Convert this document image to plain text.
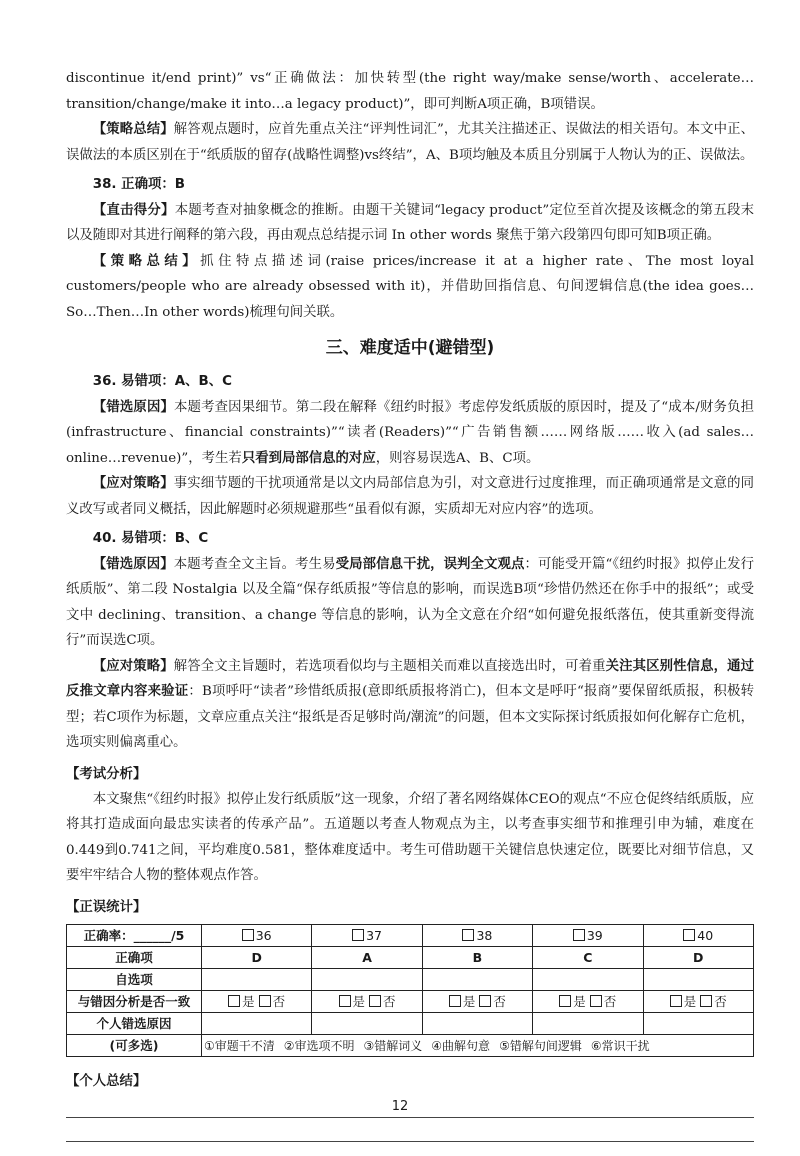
discontinue it/end print)” vs“正确做法：加快转型(the right way/make sense/worth、accelerate…transition/change/make it into…a legacy product)”，即可判断A项正确，B项错误。

【策略总结】解答观点题时，应首先重点关注“评判性词汇”，尤其关注描述正、误做法的相关语句。本文中正、误做法的本质区别在于“纸质版的留存(战略性调整)vs终结”，A、B项均触及本质且分别属于人物认为的正、误做法。

38. 正确项：B

【直击得分】本题考查对抽象概念的推断。由题干关键词“legacy product”定位至首次提及该概念的第五段末以及随即对其进行阐释的第六段，再由观点总结提示词 In other words 聚焦于第六段第四句即可知B项正确。

【策略总结】抓住特点描述词(raise prices/increase it at a higher rate、The most loyal customers/people who are already obsessed with it)，并借助回指信息、句间逻辑信息(the idea goes…So…Then…In other words)梳理句间关联。

三、难度适中(避错型)
36. 易错项：A、B、C

【错选原因】本题考查因果细节。第二段在解释《纽约时报》考虑停发纸质版的原因时，提及了“成本/财务负担(infrastructure、financial constraints)”“读者(Readers)”“广告销售额……网络版……收入(ad sales…online…revenue)”，考生若只看到局部信息的对应，则容易误选A、B、C项。

【应对策略】事实细节题的干扰项通常是以文内局部信息为引，对文意进行过度推理，而正确项通常是文意的同义改写或者同义概括，因此解题时必须规避那些“虽看似有源，实质却无对应内容”的选项。

40. 易错项：B、C

【错选原因】本题考查全文主旨。考生易受局部信息干扰，误判全文观点：可能受开篇“《纽约时报》拟停止发行纸质版”、第二段 Nostalgia 以及全篇“保存纸质报”等信息的影响，而误选B项“珍惜仍然还在你手中的报纸”；或受文中 declining、transition、a change 等信息的影响，认为全文意在介绍“如何避免报纸落伍，使其重新变得流行”而误选C项。

【应对策略】解答全文主旨题时，若选项看似均与主题相关而难以直接选出时，可着重关注其区别性信息，通过反推文章内容来验证：B项呼吁“读者”珍惜纸质报(意即纸质报将消亡)，但本文是呼吁“报商”要保留纸质报，积极转型；若C项作为标题，文章应重点关注“报纸是否足够时尚/潮流”的问题，但本文实际探讨纸质报如何化解存亡危机，选项实则偏离重心。

【考试分析】

本文聚焦“《纽约时报》拟停止发行纸质版”这一现象，介绍了著名网络媒体CEO的观点“不应仓促终结纸质版，应将其打造成面向最忠实读者的传承产品”。五道题以考查人物观点为主，以考查事实细节和推理引申为辅，难度在0.449到0.741之间，平均难度0.581，整体难度适中。考生可借助题干关键信息快速定位，既要比对细节信息，又要牢牢结合人物的整体观点作答。

【正误统计】
正确率：______/5	36	37	38	39	40
正确项	D	A	B	C	D
自选项					
与错因分析是否一致	是 否	是 否	是 否	是 否	是 否
个人错选原因					
(可多选)	①审题干不清 ②审选项不明 ③错解词义 ④曲解句意 ⑤错解句间逻辑 ⑥常识干扰				
【个人总结】
12
